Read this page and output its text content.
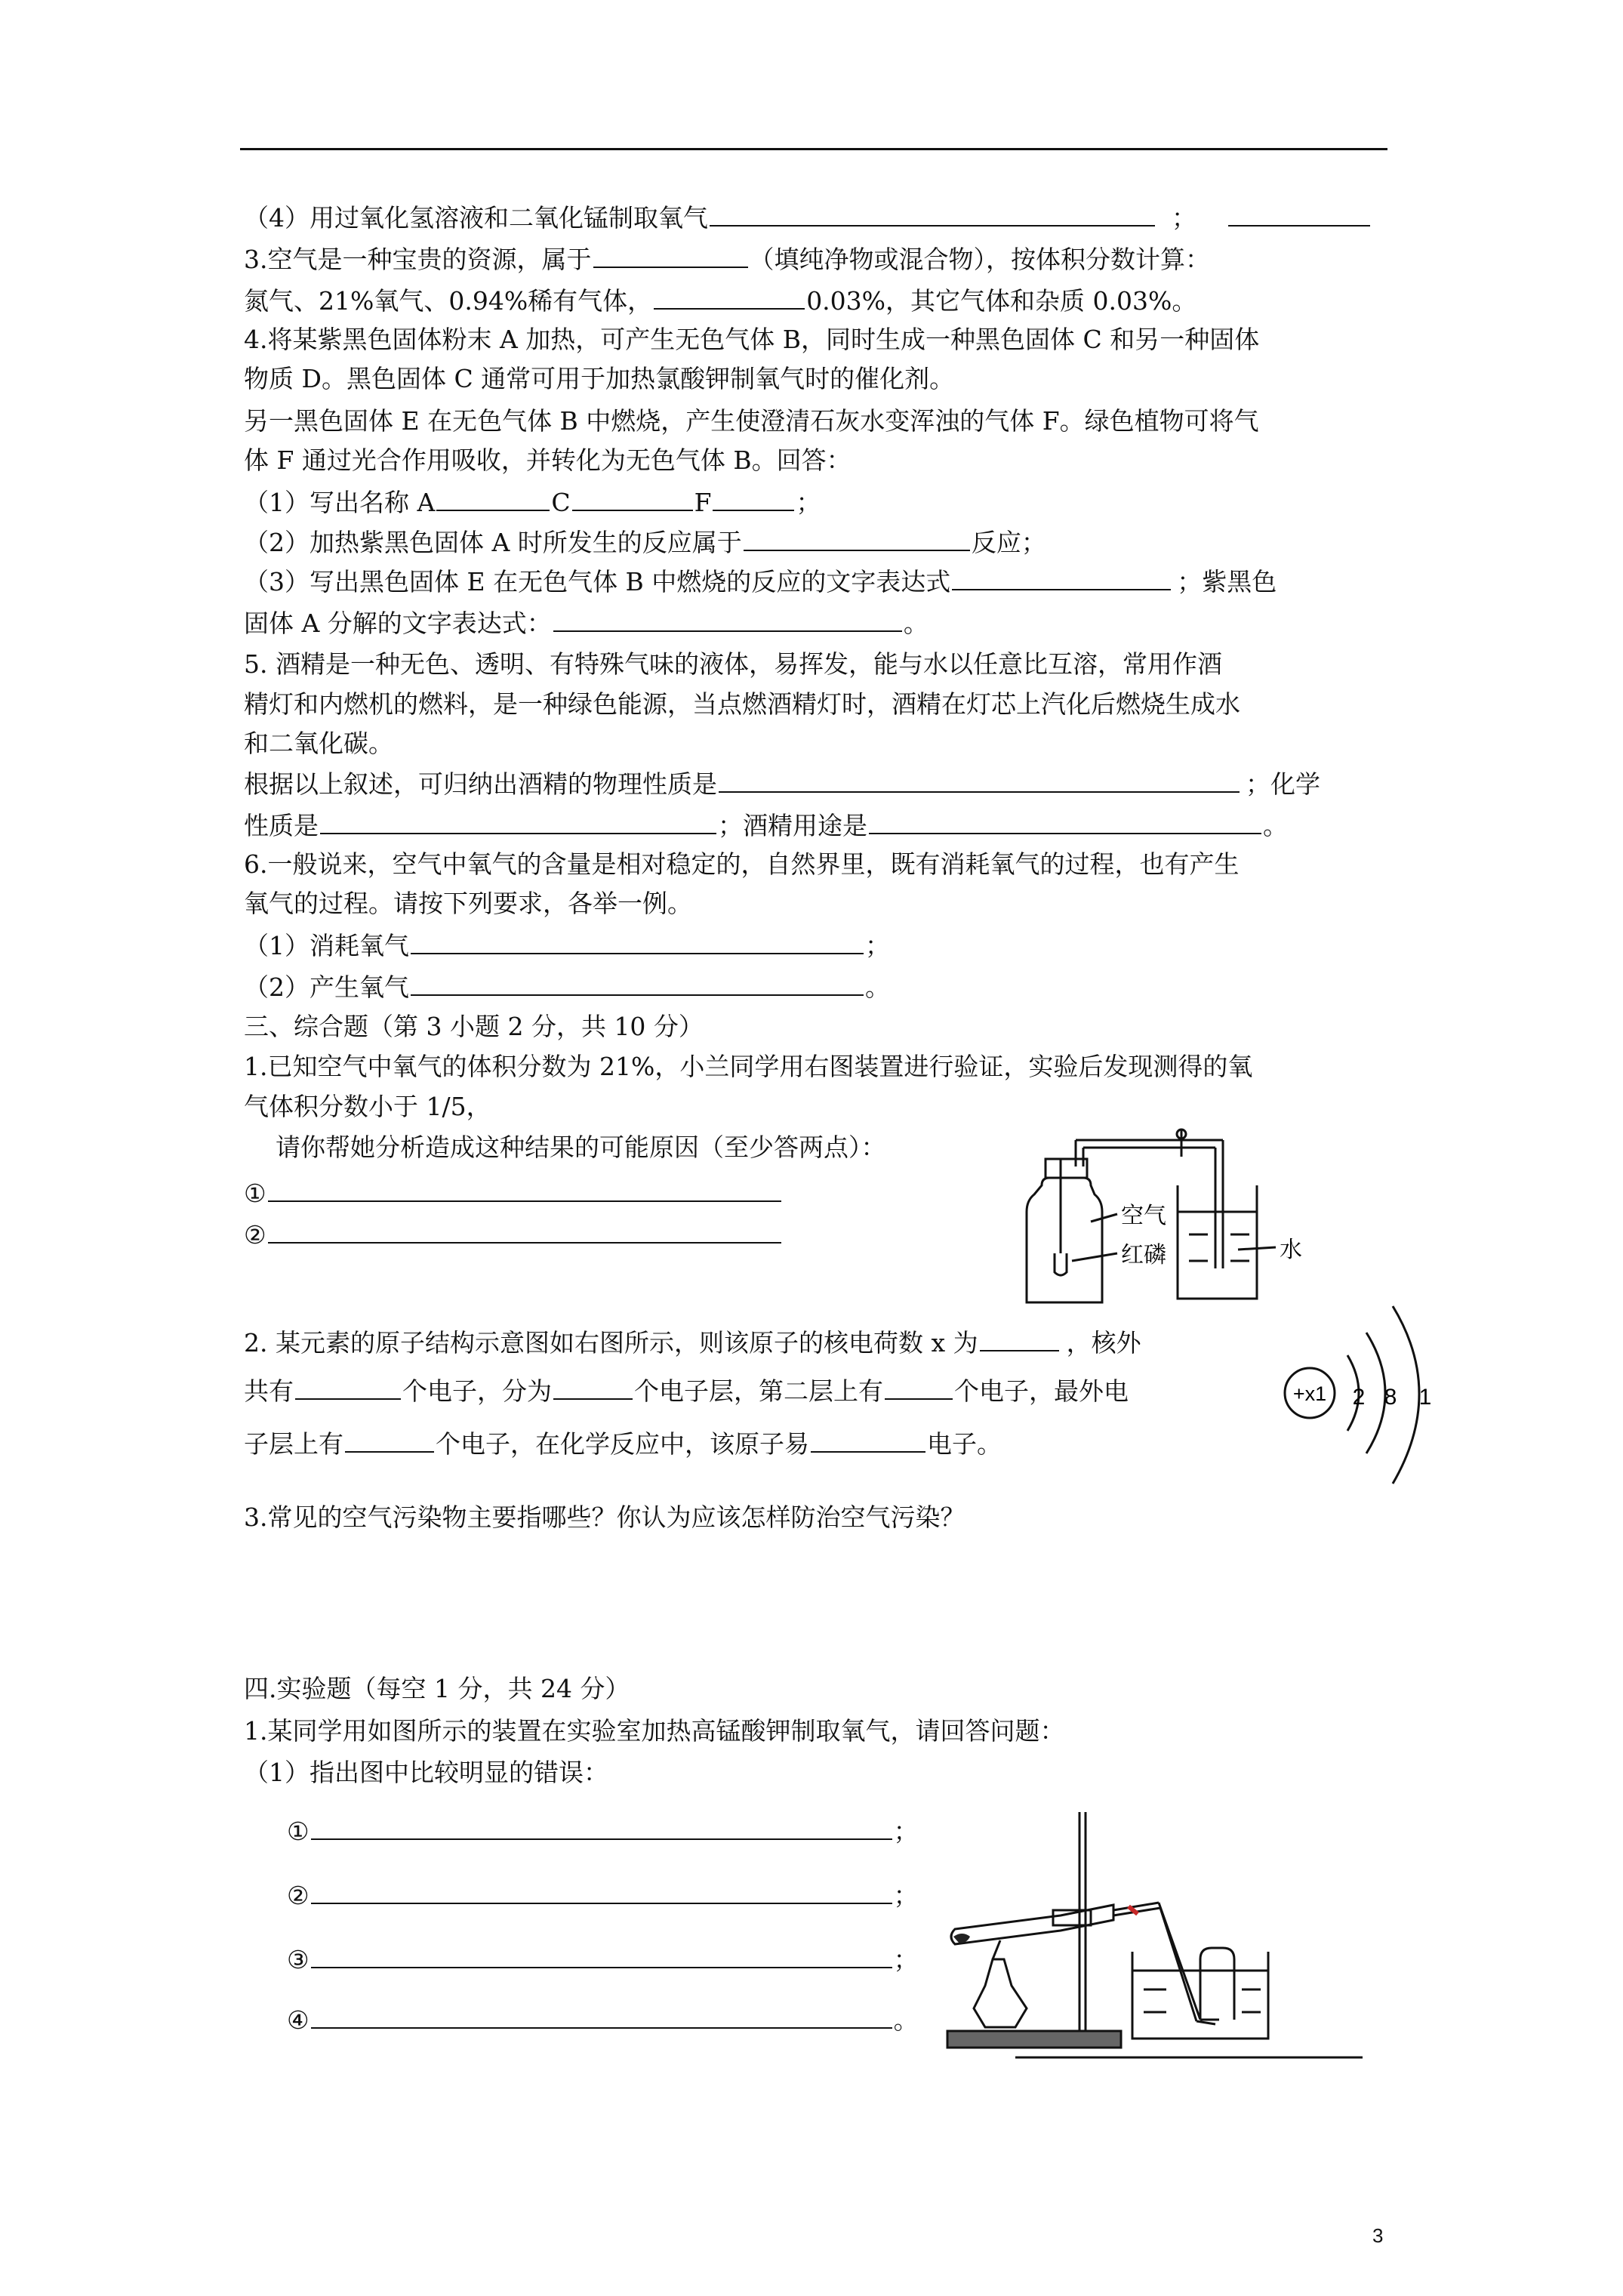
（4）用过氧化氢溶液和二氧化锰制取氧气	；
3.空气是一种宝贵的资源，属于	（填纯净物或混合物），按体积分数计算：
氮气、21%氧气、0.94%稀有气体，	0.03%，其它气体和杂质 0.03%。
4.将某紫黑色固体粉末 A 加热，可产生无色气体 B，同时生成一种黑色固体 C 和另一种固体
物质 D。黑色固体 C 通常可用于加热氯酸钾制氧气时的催化剂。
另一黑色固体 E 在无色气体 B 中燃烧，产生使澄清石灰水变浑浊的气体 F。绿色植物可将气
体 F 通过光合作用吸收，并转化为无色气体 B。回答：
（1）写出名称 A	C	F	；
（2）加热紫黑色固体 A 时所发生的反应属于	反应；
（3）写出黑色固体 E 在无色气体 B 中燃烧的反应的文字表达式	；紫黑色
固体 A 分解的文字表达式：	。
5. 酒精是一种无色、透明、有特殊气味的液体，易挥发，能与水以任意比互溶，常用作酒
精灯和内燃机的燃料，是一种绿色能源，当点燃酒精灯时，酒精在灯芯上汽化后燃烧生成水
和二氧化碳。
根据以上叙述，可归纳出酒精的物理性质是	；化学
性质是	；酒精用途是	。
6.一般说来，空气中氧气的含量是相对稳定的，自然界里，既有消耗氧气的过程，也有产生
氧气的过程。请按下列要求，各举一例。
（1）消耗氧气	；
（2）产生氧气	。
三、综合题（第 3 小题 2 分，共 10 分）
1.已知空气中氧气的体积分数为 21%，小兰同学用右图装置进行验证，实验后发现测得的氧
气体积分数小于 1/5，
请你帮她分析造成这种结果的可能原因（至少答两点）：
①
②
空气
红磷	水
2. 某元素的原子结构示意图如右图所示，则该原子的核电荷数 x 为	，核外
共有	个电子，分为	个电子层，第二层上有	个电子，最外电
子层上有	个电子，在化学反应中，该原子易	电子。
+x1 2 8 1
3.常见的空气污染物主要指哪些？你认为应该怎样防治空气污染？
四.实验题（每空 1 分，共 24 分）
1.某同学用如图所示的装置在实验室加热高锰酸钾制取氧气，请回答问题：
（1）指出图中比较明显的错误：
①	；
②	；
③	；
④	。
3
